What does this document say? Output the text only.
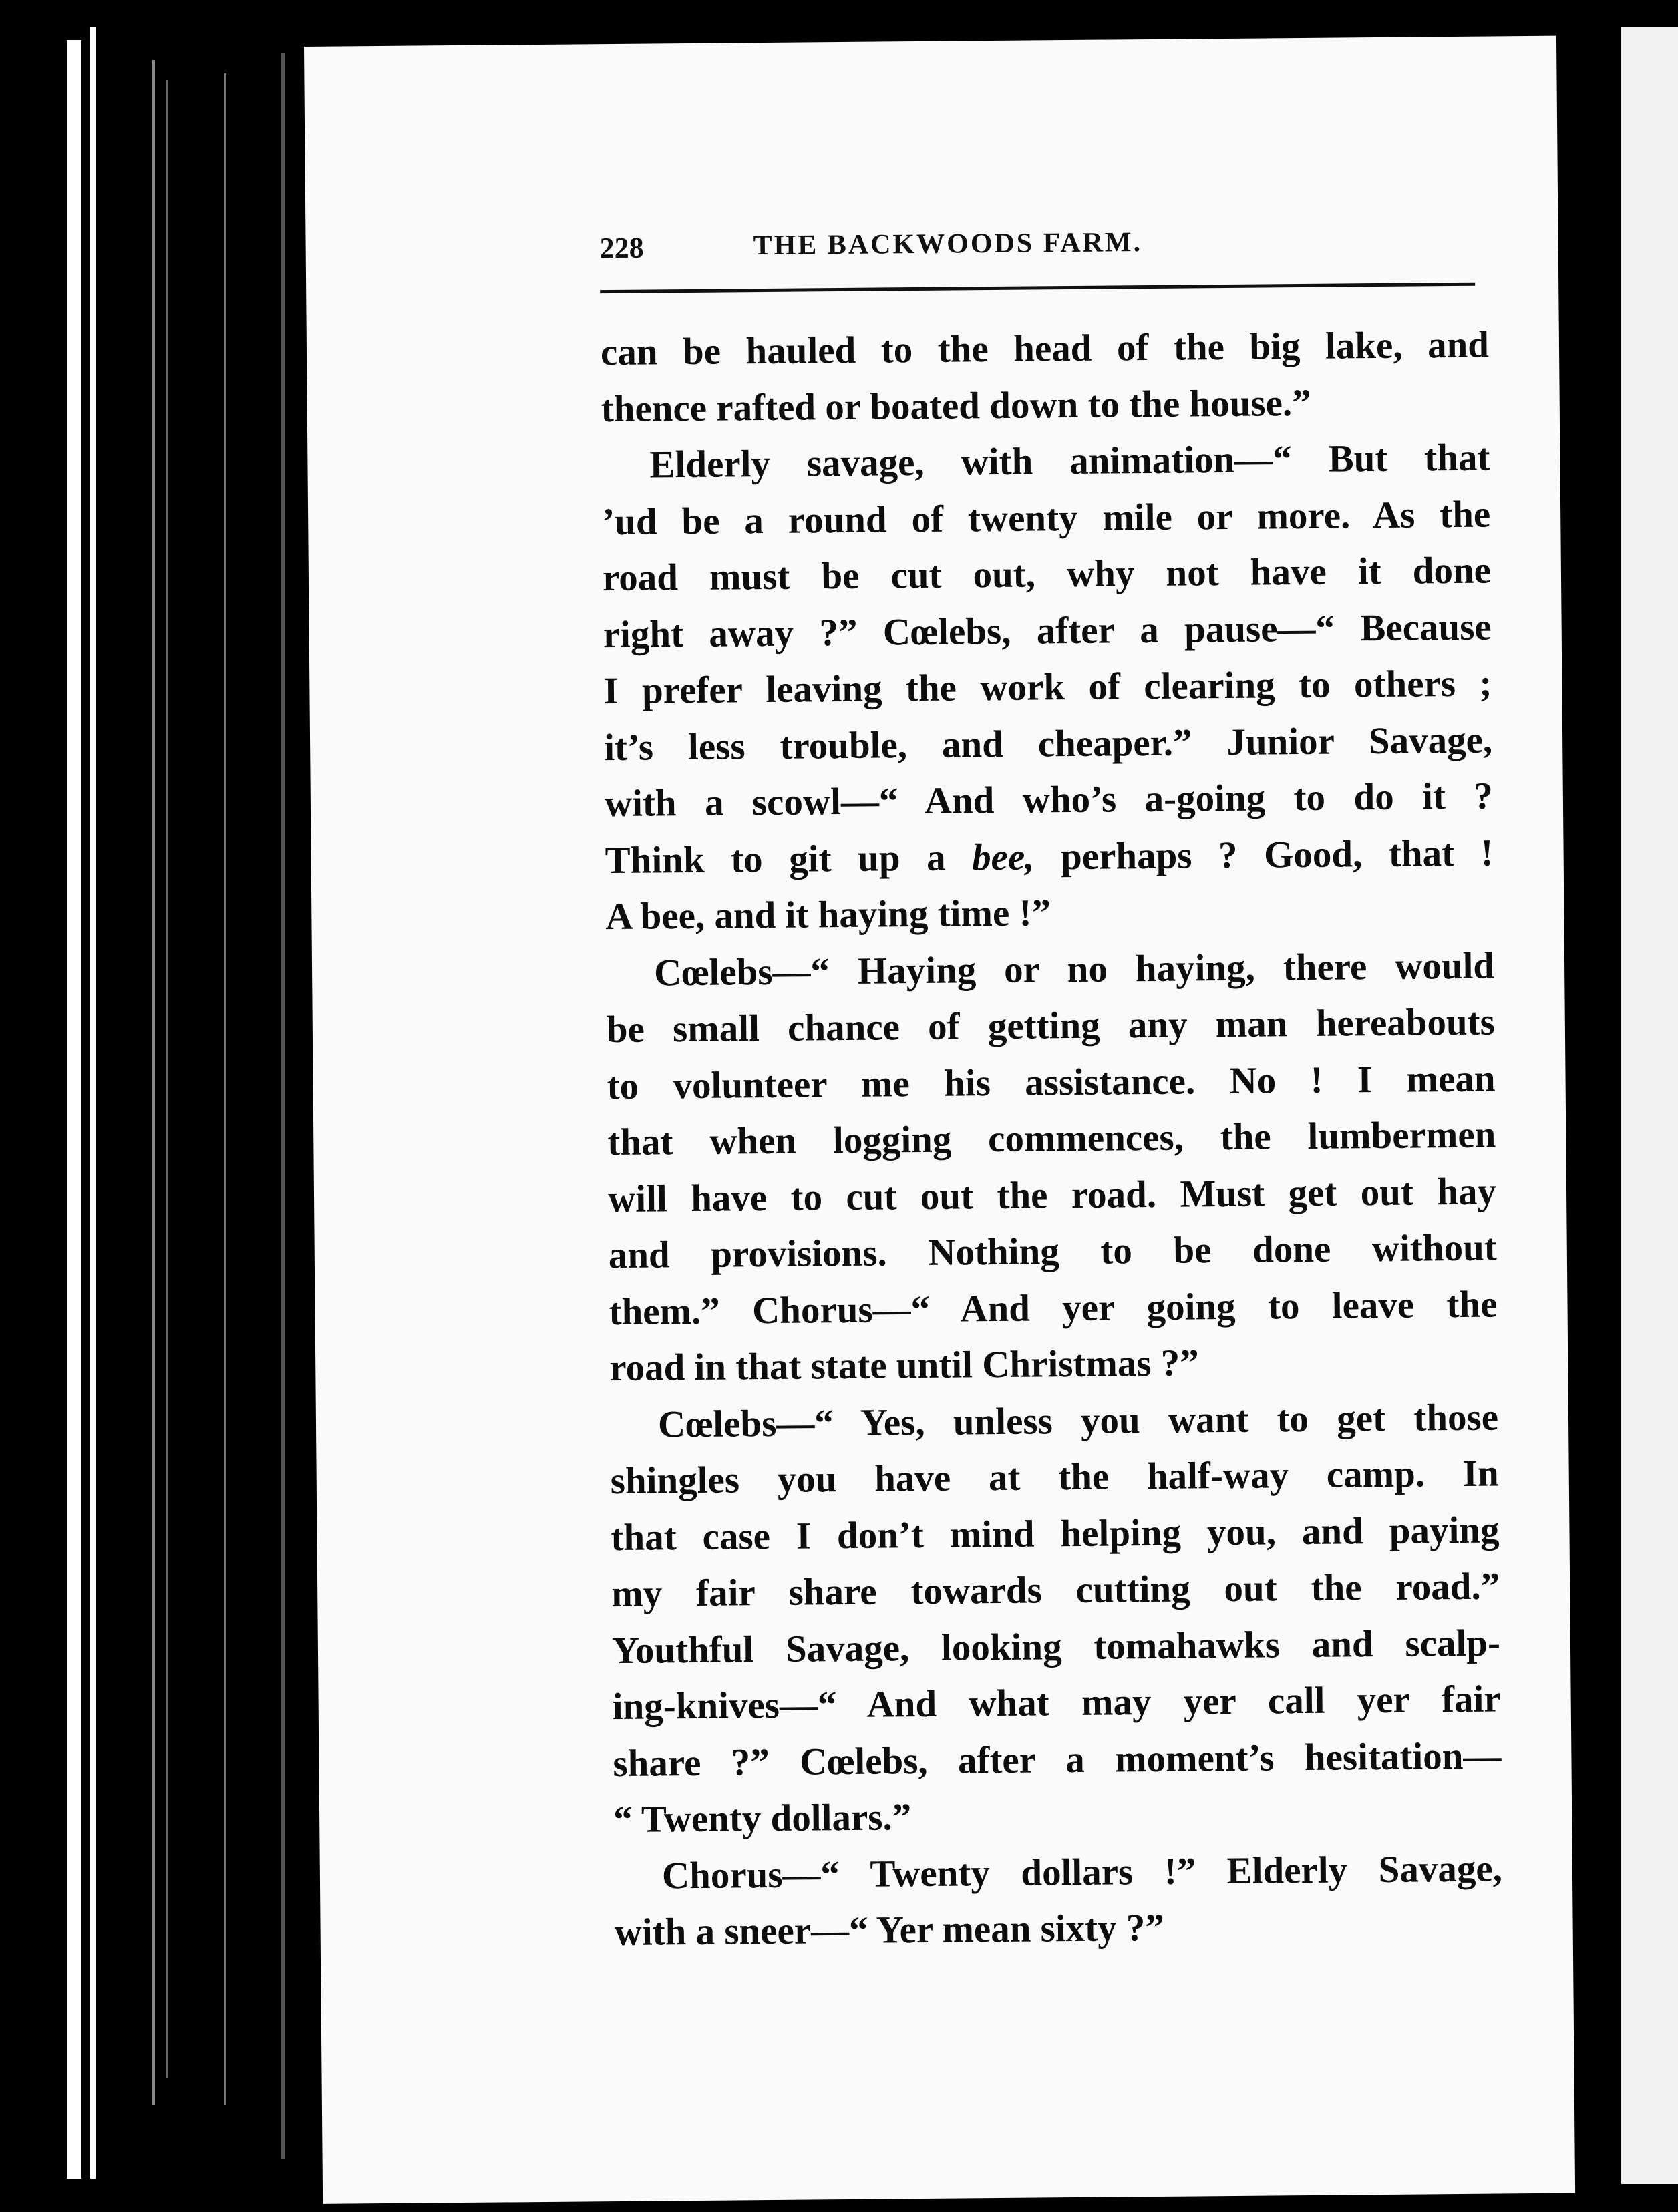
228	THE BACKWOODS FARM.
can be hauled to the head of the big lake, and
thence rafted or boated down to the house.”
Elderly savage, with animation—“ But that
’ud be a round of twenty mile or more. As the
road must be cut out, why not have it done
right away ?” Cœlebs, after a pause—“ Because
I prefer leaving the work of clearing to others ;
it’s less trouble, and cheaper.” Junior Savage,
with a scowl—“ And who’s a-going to do it ?
Think to git up a bee, perhaps ? Good, that !
A bee, and it haying time !”
Cœlebs—“ Haying or no haying, there would
be small chance of getting any man hereabouts
to volunteer me his assistance. No ! I mean
that when logging commences, the lumbermen
will have to cut out the road. Must get out hay
and provisions. Nothing to be done without
them.” Chorus—“ And yer going to leave the
road in that state until Christmas ?”
Cœlebs—“ Yes, unless you want to get those
shingles you have at the half-way camp. In
that case I don’t mind helping you, and paying
my fair share towards cutting out the road.”
Youthful Savage, looking tomahawks and scalp-
ing-knives—“ And what may yer call yer fair
share ?” Cœlebs, after a moment’s hesitation—
“ Twenty dollars.”
Chorus—“ Twenty dollars !” Elderly Savage,
with a sneer—“ Yer mean sixty ?”
